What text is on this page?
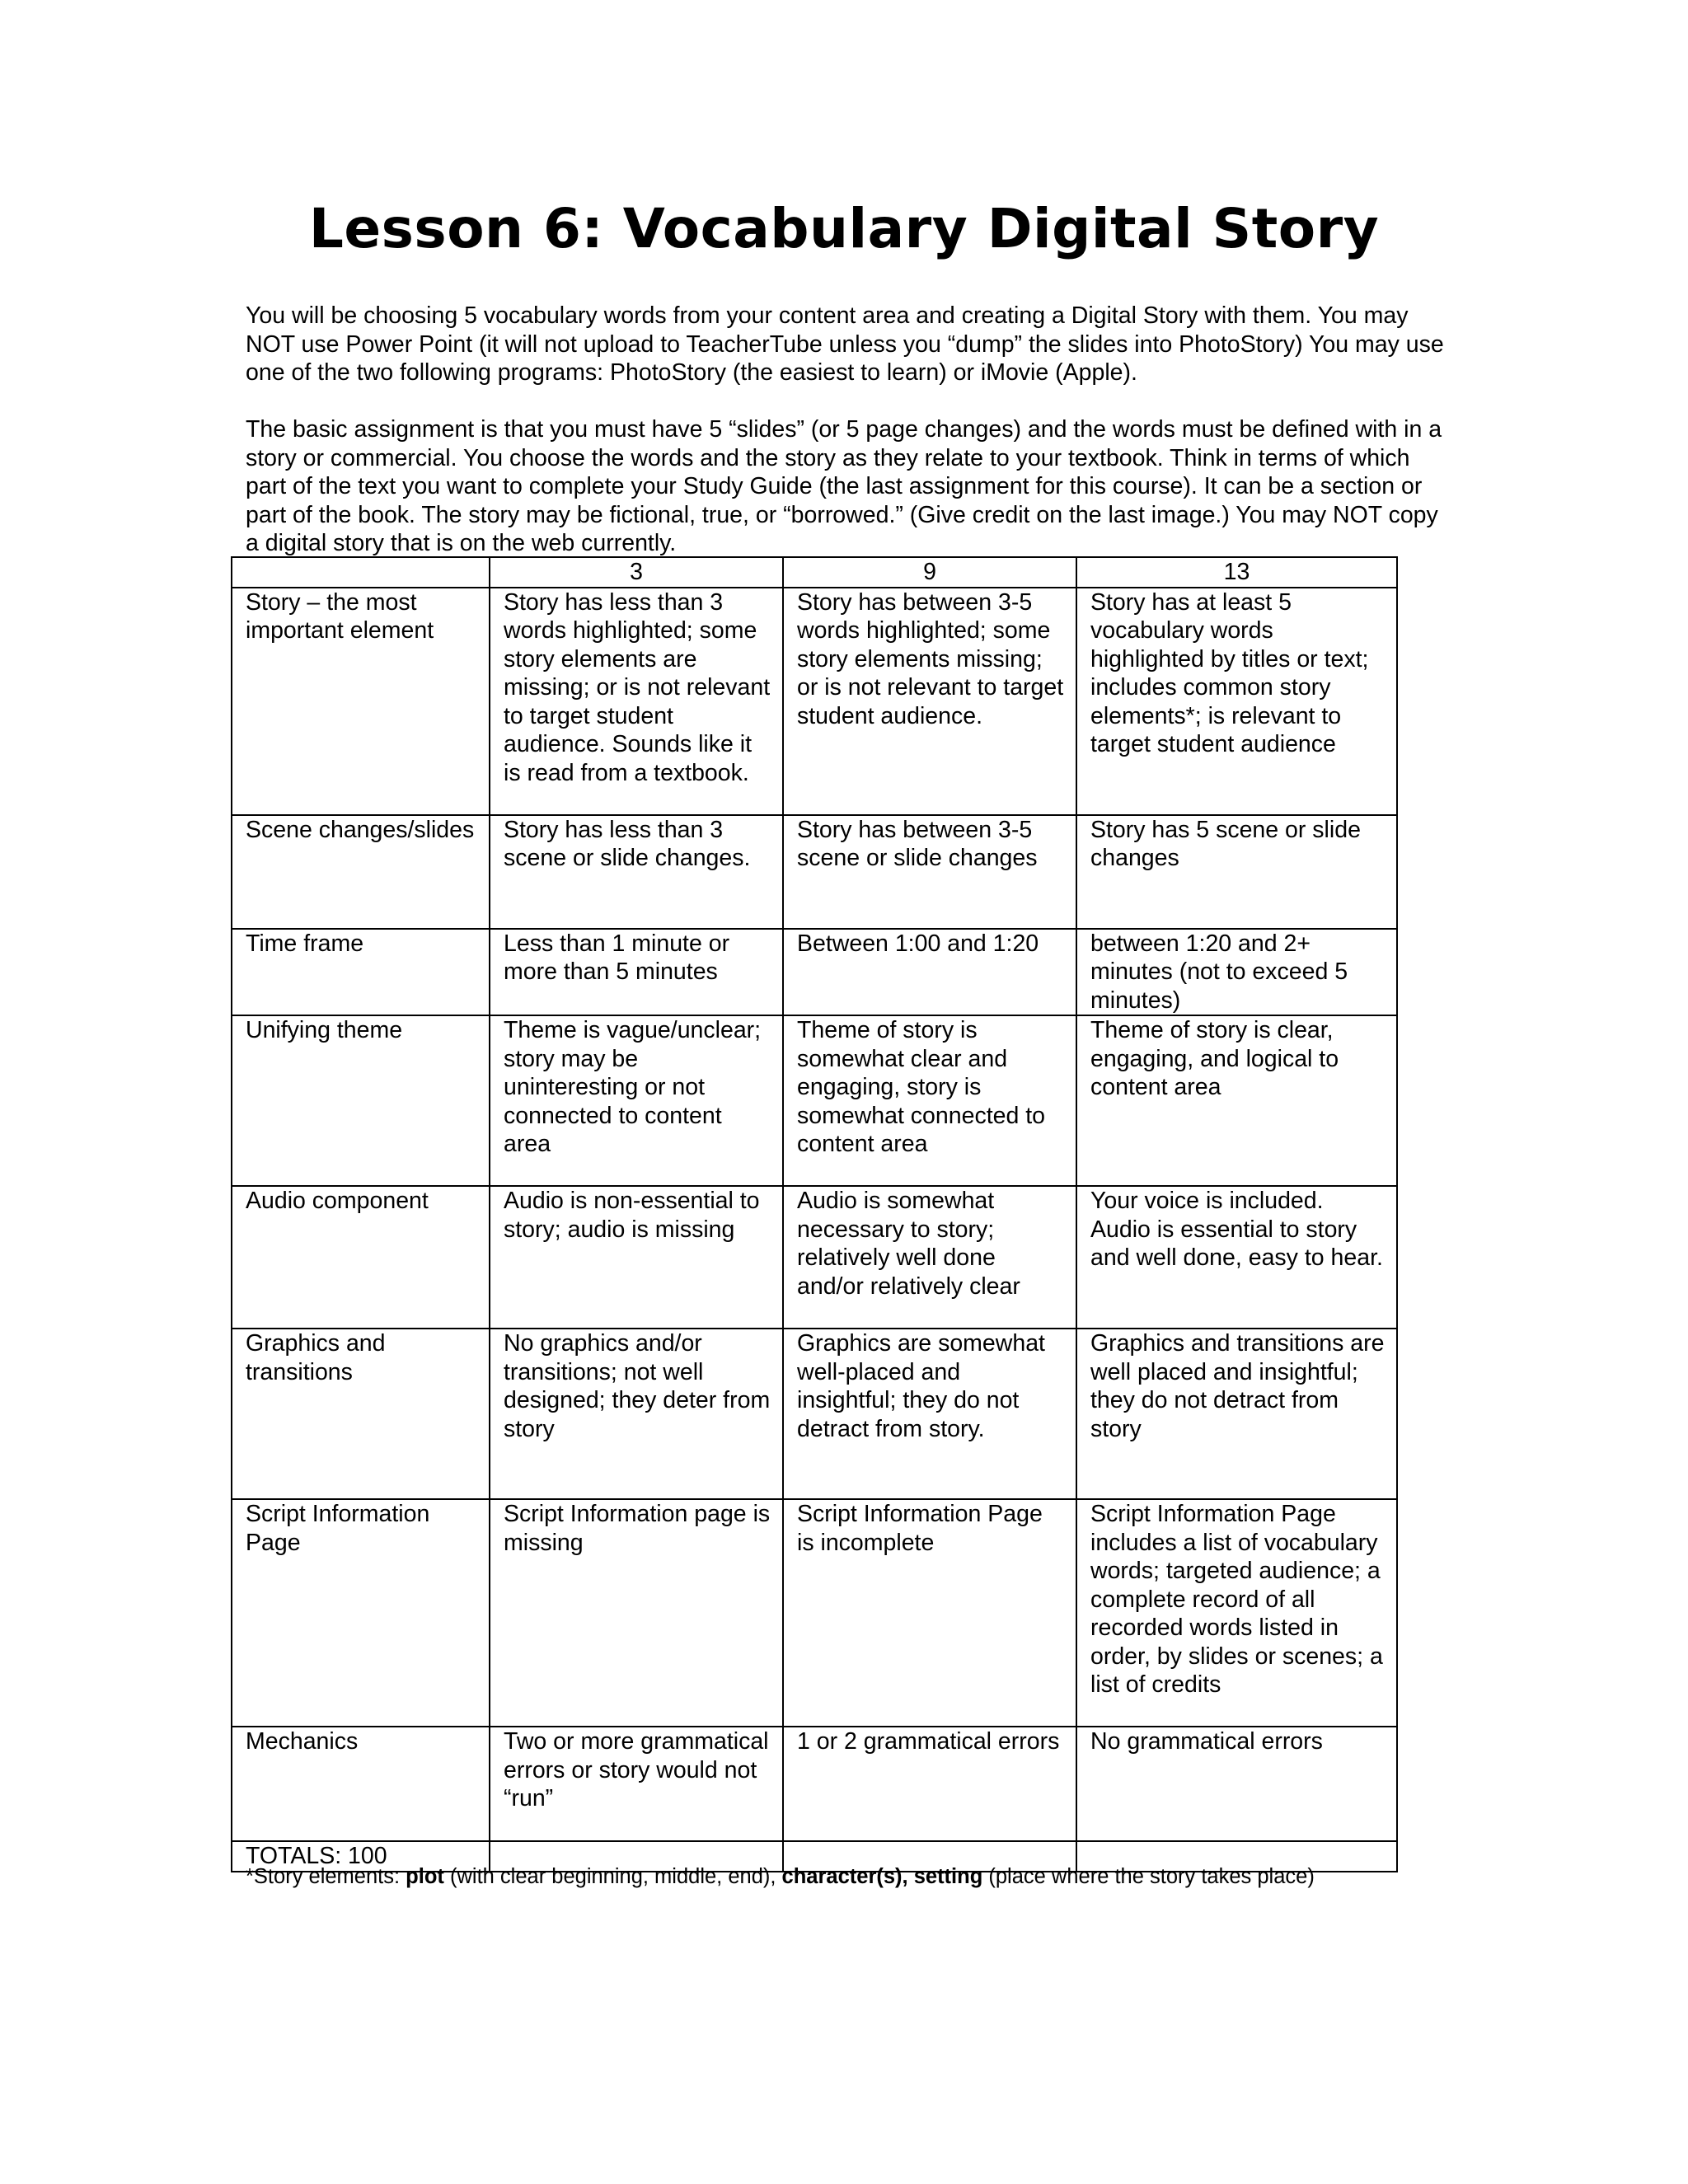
Lesson 6: Vocabulary Digital Story

You will be choosing 5 vocabulary words from your content area and creating a Digital Story with them. You may NOT use Power Point (it will not upload to TeacherTube unless you “dump” the slides into PhotoStory) You may use one of the two following programs: PhotoStory (the easiest to learn) or iMovie (Apple).

The basic assignment is that you must have 5 “slides” (or 5 page changes) and the words must be defined with in a story or commercial. You choose the words and the story as they relate to your textbook. Think in terms of which part of the text you want to complete your Study Guide (the last assignment for this course). It can be a section or part of the book. The story may be fictional, true, or “borrowed.” (Give credit on the last image.) You may NOT copy a digital story that is on the web currently.

	3	9	13
Story – the most important element	Story has less than 3 words highlighted; some story elements are missing; or is not relevant to target student audience. Sounds like it is read from a textbook.	Story has between 3-5 words highlighted; some story elements missing; or is not relevant to target student audience.	Story has at least 5 vocabulary words highlighted by titles or text; includes common story elements*; is relevant to target student audience
Scene changes/slides	Story has less than 3 scene or slide changes.	Story has between 3-5 scene or slide changes	Story has 5 scene or slide changes
Time frame	Less than 1 minute or more than 5 minutes	Between 1:00 and 1:20	between 1:20 and 2+ minutes (not to exceed 5 minutes)
Unifying theme	Theme is vague/unclear; story may be uninteresting or not connected to content area	Theme of story is somewhat clear and engaging, story is somewhat connected to content area	Theme of story is clear, engaging, and logical to content area
Audio component	Audio is non-essential to story; audio is missing	Audio is somewhat necessary to story; relatively well done and/or relatively clear	Your voice is included. Audio is essential to story and well done, easy to hear.
Graphics and transitions	No graphics and/or transitions; not well designed; they deter from story	Graphics are somewhat well-placed and insightful; they do not detract from story.	Graphics and transitions are well placed and insightful; they do not detract from story
Script Information Page	Script Information page is missing	Script Information Page is incomplete	Script Information Page includes a list of vocabulary words; targeted audience; a complete record of all recorded words listed in order, by slides or scenes; a list of credits
Mechanics	Two or more grammatical errors or story would not “run”	1 or 2 grammatical errors	No grammatical errors
TOTALS: 100			
*Story elements: plot (with clear beginning, middle, end), character(s), setting (place where the story takes place)
